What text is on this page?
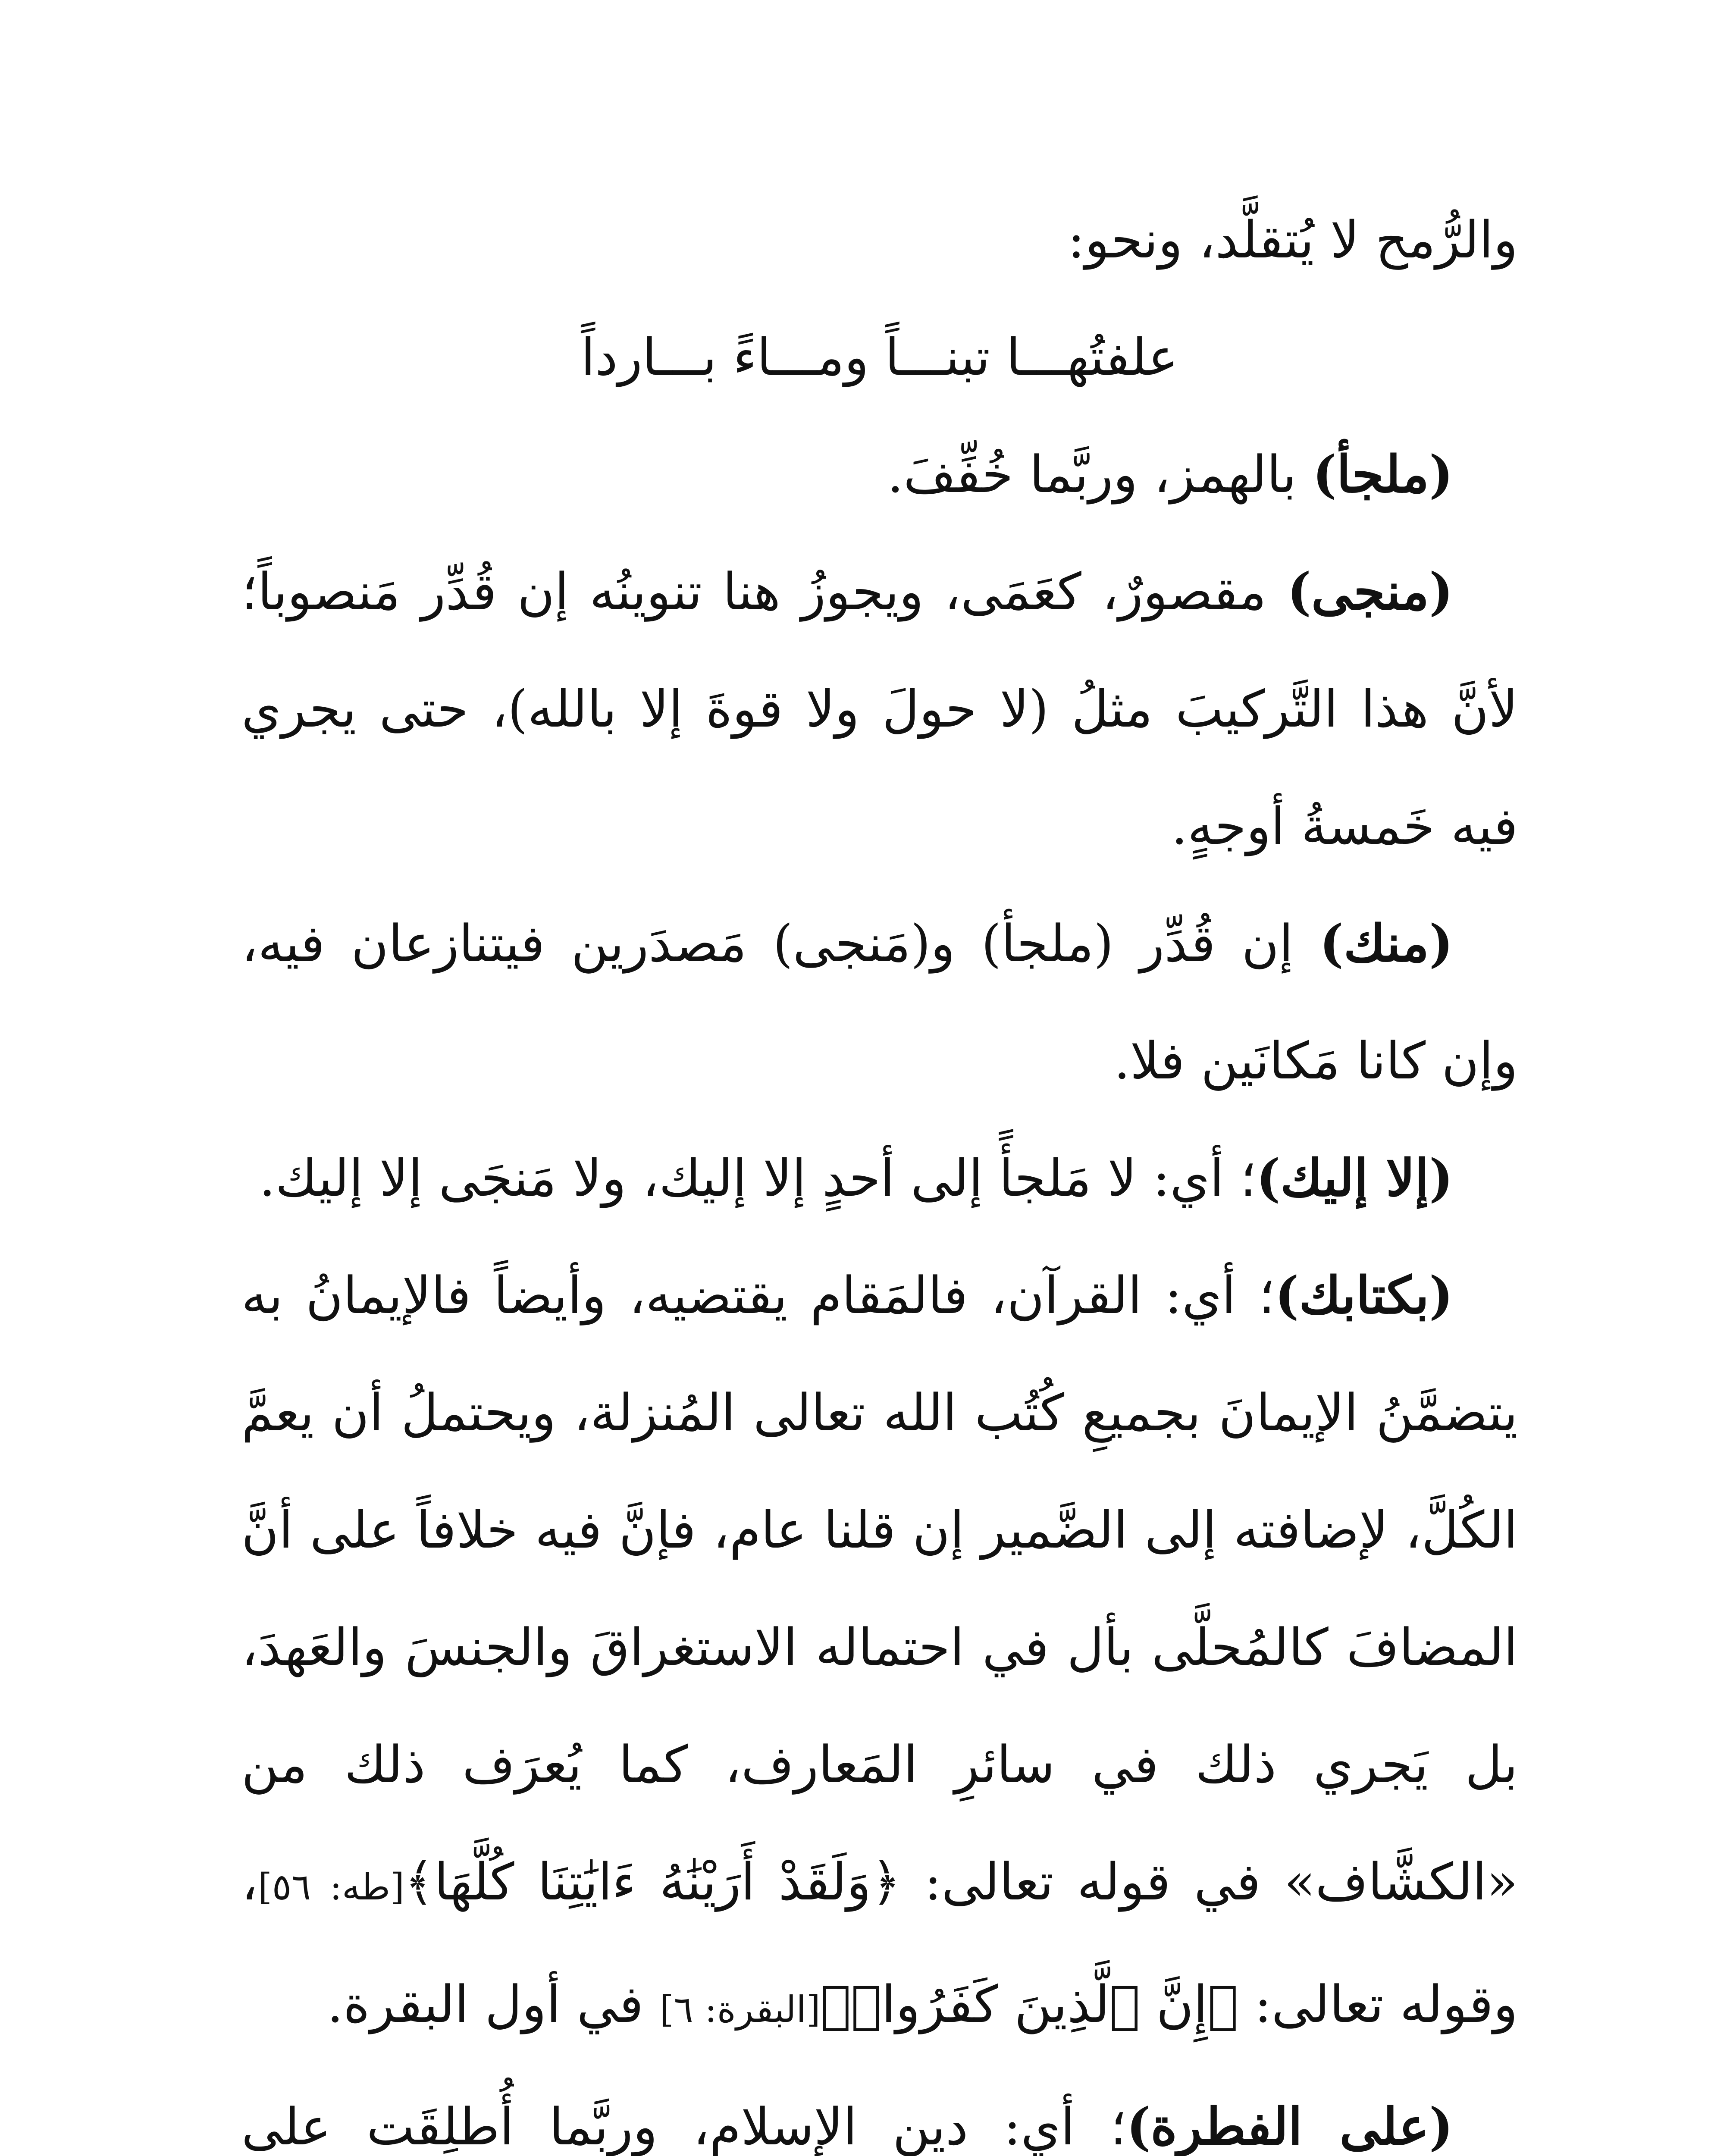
والرُّمح لا يُتقلَّد، ونحو:

علفتُهـــا تبنـــاً ومـــاءً بـــارداً

(ملجأ) بالهمز، وربَّما خُفِّفَ.

(منجى) مقصورٌ، كعَمَى، ويجوزُ هنا تنوينُه إن قُدِّر مَنصوباً؛ لأنَّ هذا التَّركيبَ مثلُ (لا حولَ ولا قوةَ إلا بالله)، حتى يجري فيه خَمسةُ أوجهٍ.

(منك) إن قُدِّر (ملجأ) و(مَنجى) مَصدَرين فيتنازعان فيه، وإن كانا مَكانَين فلا.

(إلا إليك)؛ أي: لا مَلجأً إلى أحدٍ إلا إليك، ولا مَنجَى إلا إليك.

(بكتابك)؛ أي: القرآن، فالمَقام يقتضيه، وأيضاً فالإيمانُ به يتضمَّنُ الإيمانَ بجميعِ كُتُب الله تعالى المُنزلة، ويحتملُ أن يعمَّ الكُلَّ، لإضافته إلى الضَّمير إن قلنا عام، فإنَّ فيه خلافاً على أنَّ المضافَ كالمُحلَّى بأل في احتماله الاستغراقَ والجنسَ والعَهدَ، بل يَجري ذلك في سائرِ المَعارف، كما يُعرَف ذلك من «الكشَّاف» في قوله تعالى: ﴿وَلَقَدْ أَرَيْنَٰهُ ءَايَٰتِنَا كُلَّهَا﴾[طه: ٥٦]، وقوله تعالى: ﴿إِنَّ ٱلَّذِينَ كَفَرُوا۟﴾[البقرة: ٦] في أول البقرة.

(على الفطرة)؛ أي: دينِ الإسلام، وربَّما أُطلِقَت على
